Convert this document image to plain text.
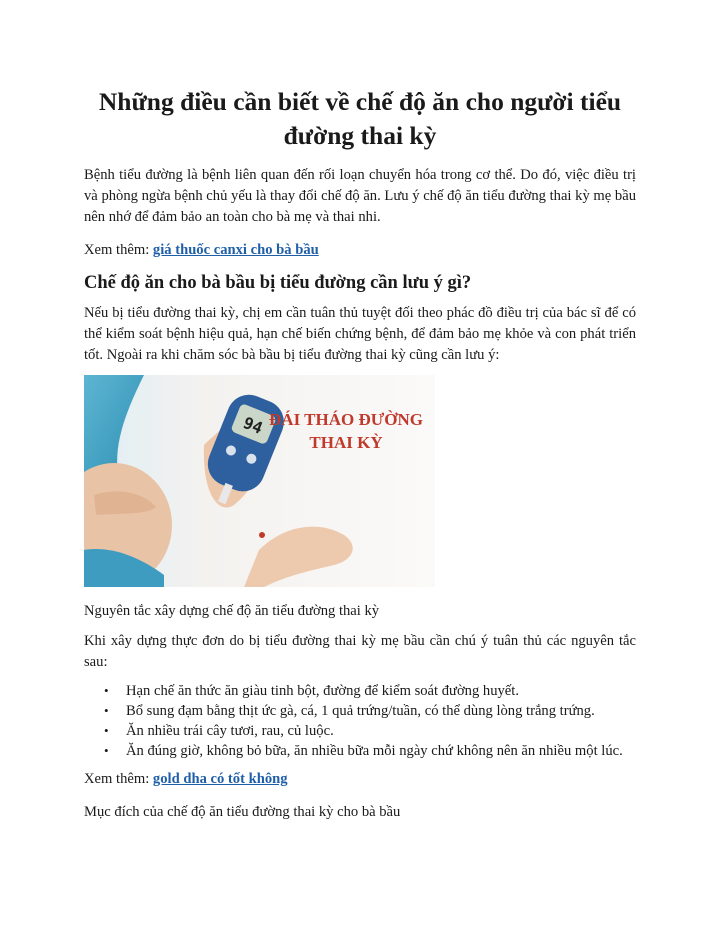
Những điều cần biết về chế độ ăn cho người tiểu đường thai kỳ

Bệnh tiểu đường là bệnh liên quan đến rối loạn chuyển hóa trong cơ thể. Do đó, việc điều trị và phòng ngừa bệnh chủ yếu là thay đổi chế độ ăn. Lưu ý chế độ ăn tiểu đường thai kỳ mẹ bầu nên nhớ để đảm bảo an toàn cho bà mẹ và thai nhi.

Xem thêm: giá thuốc canxi cho bà bầu

Chế độ ăn cho bà bầu bị tiểu đường cần lưu ý gì?

Nếu bị tiểu đường thai kỳ, chị em cần tuân thủ tuyệt đối theo phác đồ điều trị của bác sĩ để có thể kiểm soát bệnh hiệu quả, hạn chế biến chứng bệnh, để đảm bảo mẹ khỏe và con phát triển tốt. Ngoài ra khi chăm sóc bà bầu bị tiểu đường thai kỳ cũng cần lưu ý:

94 ĐÁI THÁO ĐƯỜNG
THAI KỲ

Nguyên tắc xây dựng chế độ ăn tiểu đường thai kỳ

Khi xây dựng thực đơn do bị tiểu đường thai kỳ mẹ bầu cần chú ý tuân thủ các nguyên tắc sau:

• Hạn chế ăn thức ăn giàu tinh bột, đường để kiểm soát đường huyết.
• Bổ sung đạm bằng thịt ức gà, cá, 1 quả trứng/tuần, có thể dùng lòng trắng trứng.
• Ăn nhiều trái cây tươi, rau, củ luộc.
• Ăn đúng giờ, không bỏ bữa, ăn nhiều bữa mỗi ngày chứ không nên ăn nhiều một lúc.

Xem thêm: gold dha có tốt không

Mục đích của chế độ ăn tiểu đường thai kỳ cho bà bầu
